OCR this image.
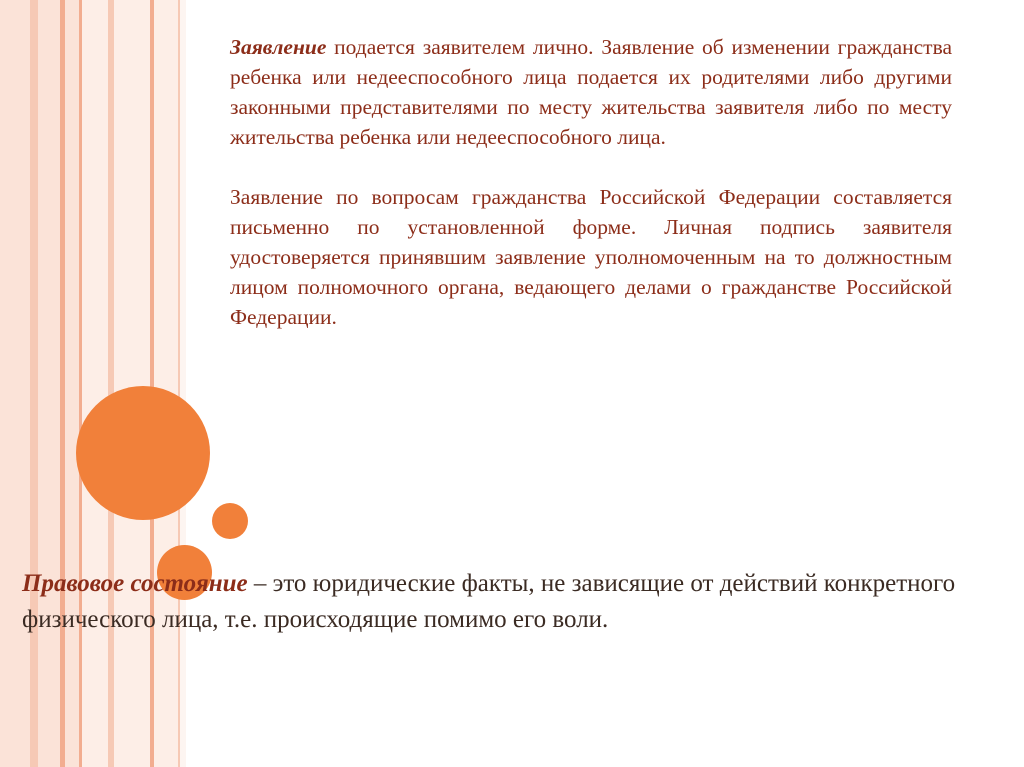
Заявление подается заявителем лично. Заявление об изменении гражданства ребенка или недееспособного лица подается их родителями либо другими законными представителями по месту жительства заявителя либо по месту жительства ребенка или недееспособного лица.

Заявление по вопросам гражданства Российской Федерации составляется письменно по установленной форме. Личная подпись заявителя удостоверяется принявшим заявление уполномоченным на то должностным лицом полномочного органа, ведающего делами о гражданстве Российской Федерации.

Правовое состояние – это юридические факты, не зависящие от действий конкретного физического лица, т.е. происходящие помимо его воли.
